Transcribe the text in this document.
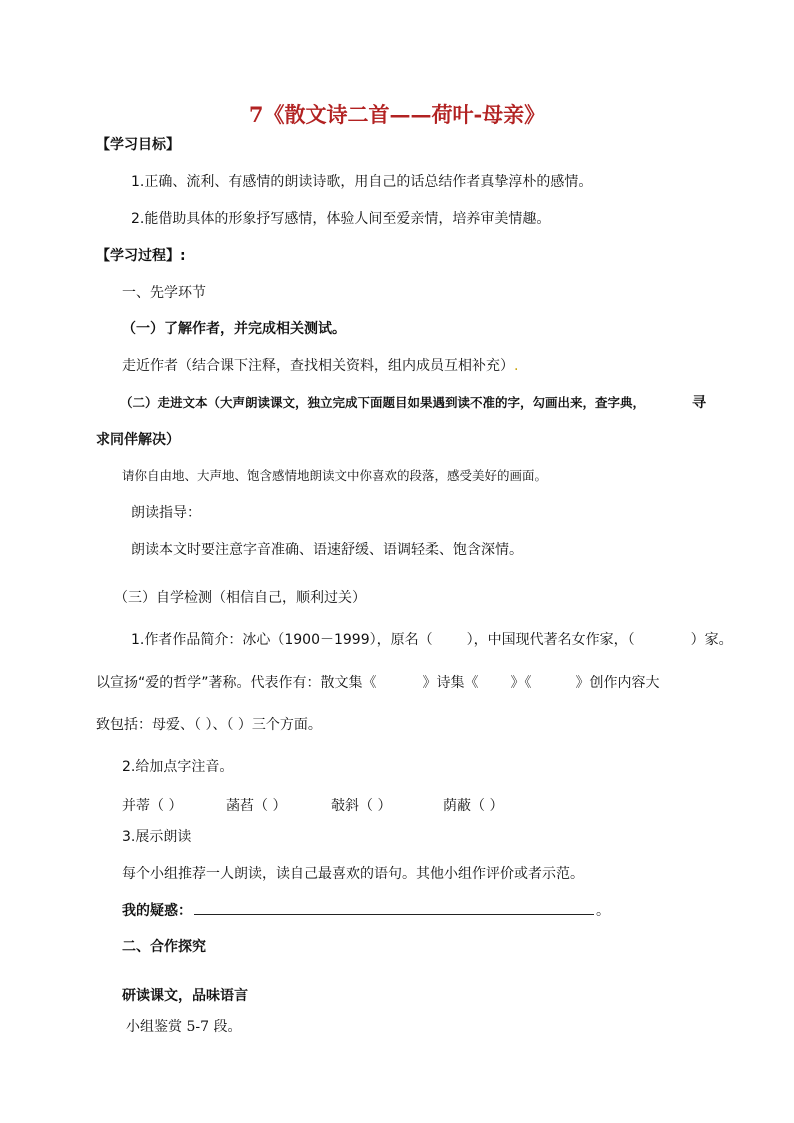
7《散文诗二首——荷叶-母亲》
【学习目标】
1.正确、流利、有感情的朗读诗歌，用自己的话总结作者真挚淳朴的感情。
2.能借助具体的形象抒写感情，体验人间至爱亲情，培养审美情趣。
【学习过程】:
一、先学环节
（一）了解作者，并完成相关测试。
走近作者（结合课下注释，查找相关资料，组内成员互相补充）.
（二）走进文本（大声朗读课文，独立完成下面题目如果遇到读不准的字，勾画出来，查字典，	寻
求同伴解决）
请你自由地、大声地、饱含感情地朗读文中你喜欢的段落，感受美好的画面。
朗读指导：
朗读本文时要注意字音准确、语速舒缓、语调轻柔、饱含深情。
（三）自学检测（相信自己，顺利过关）
1.作者作品简介：冰心（1900－1999），原名（ ），中国现代著名女作家，（	）家。
以宣扬“爱的哲学”著称。代表作有：散文集《	》诗集《 》《	》创作内容大
致包括：母爱、（ ）、（ ）三个方面。
2.给加点字注音。
并蒂（ ）	菡萏（ ）	攲斜（ ）	荫蔽（ ）
3.展示朗读
每个小组推荐一人朗读，读自己最喜欢的语句。其他小组作评价或者示范。
我的疑惑：	。
二、合作探究
研读课文，品味语言
小组鉴赏 5-7 段。
